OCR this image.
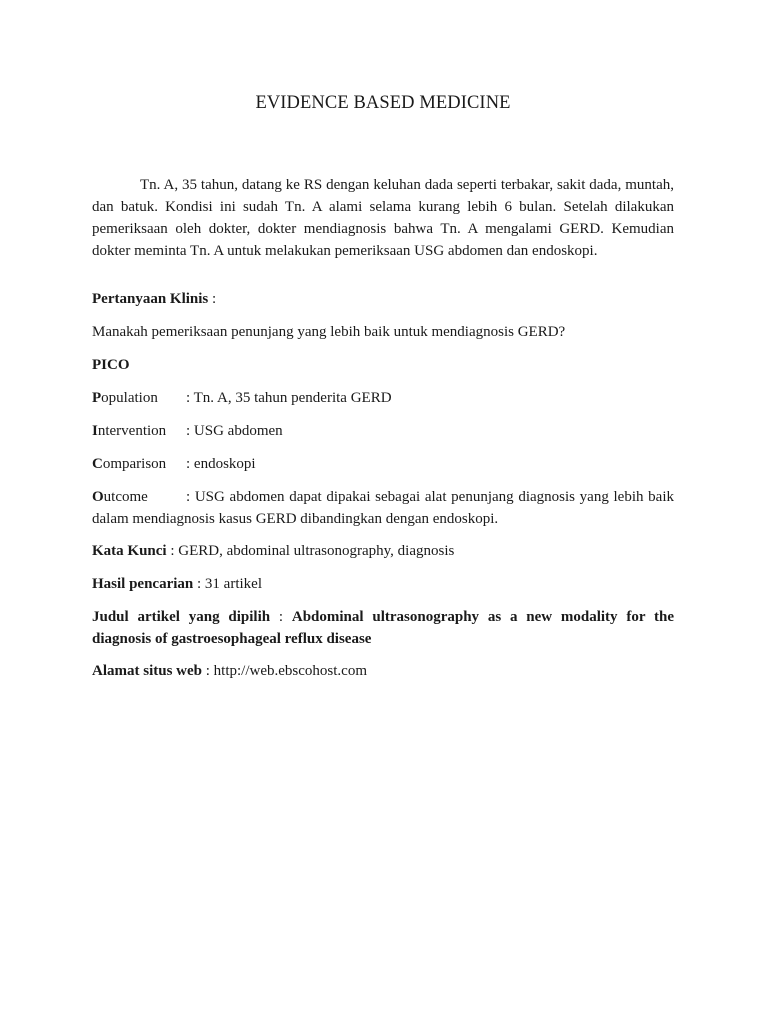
EVIDENCE BASED MEDICINE

Tn. A, 35 tahun, datang ke RS dengan keluhan dada seperti terbakar, sakit dada, muntah, dan batuk. Kondisi ini sudah Tn. A alami selama kurang lebih 6 bulan. Setelah dilakukan pemeriksaan oleh dokter, dokter mendiagnosis bahwa Tn. A mengalami GERD. Kemudian dokter meminta Tn. A untuk melakukan pemeriksaan USG abdomen dan endoskopi.

Pertanyaan Klinis :

Manakah pemeriksaan penunjang yang lebih baik untuk mendiagnosis GERD?

PICO

Population : Tn. A, 35 tahun penderita GERD

Intervention : USG abdomen

Comparison : endoskopi

Outcome	: USG abdomen dapat dipakai sebagai alat penunjang diagnosis yang lebih baik dalam mendiagnosis kasus GERD dibandingkan dengan endoskopi.

Kata Kunci : GERD, abdominal ultrasonography, diagnosis

Hasil pencarian : 31 artikel

Judul artikel yang dipilih : Abdominal ultrasonography as a new modality for the diagnosis of gastroesophageal reflux disease

Alamat situs web : http://web.ebscohost.com
